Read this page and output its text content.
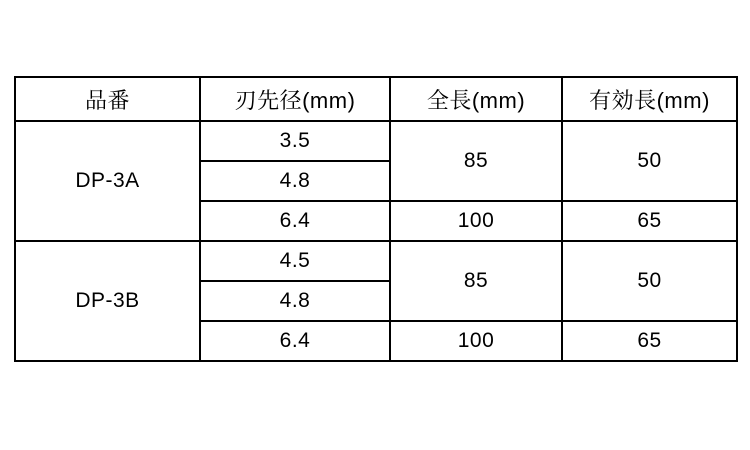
品番	刃先径(mm)	全長(mm)	有効長(mm)
DP-3A	3.5	85	50
	4.8		
	6.4	100	65
DP-3B	4.5	85	50
	4.8		
	6.4	100	65
